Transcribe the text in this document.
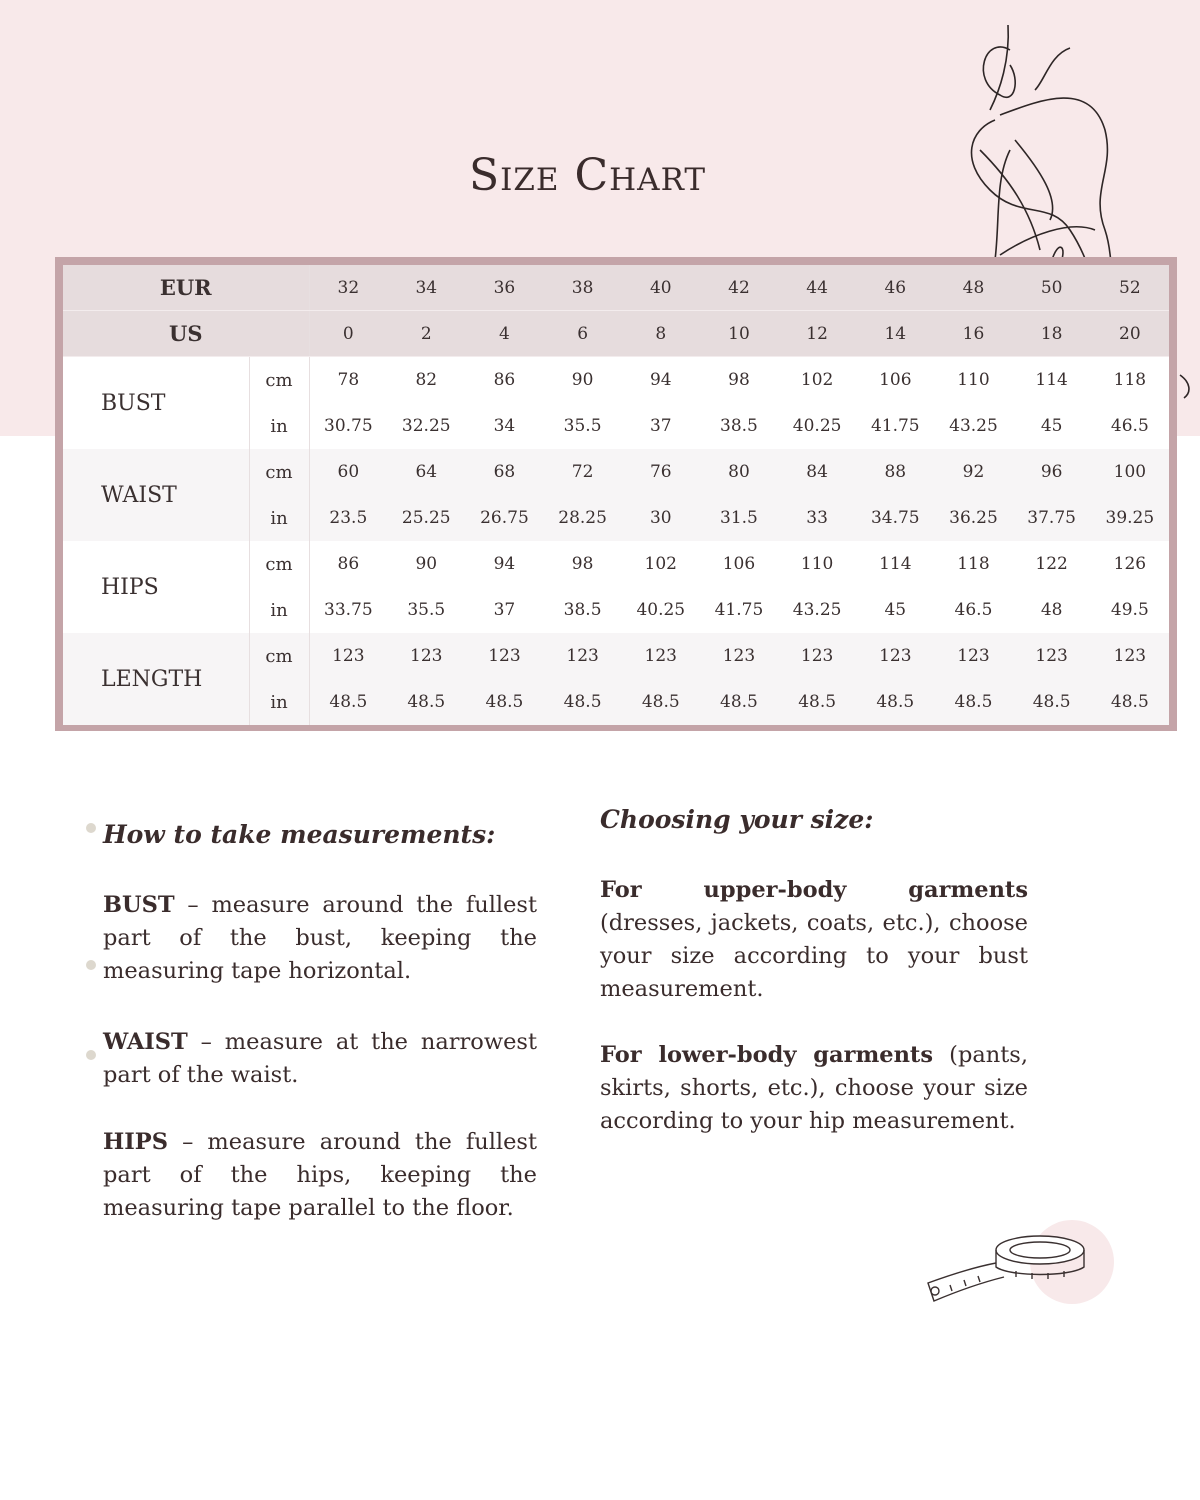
Size Chart
EUR		32	34	36	38	40	42	44	46	48	50	52
US		0	2	4	6	8	10	12	14	16	18	20
BUST	cm	78	82	86	90	94	98	102	106	110	114	118
	in	30.75	32.25	34	35.5	37	38.5	40.25	41.75	43.25	45	46.5
WAIST	cm	60	64	68	72	76	80	84	88	92	96	100
	in	23.5	25.25	26.75	28.25	30	31.5	33	34.75	36.25	37.75	39.25
HIPS	cm	86	90	94	98	102	106	110	114	118	122	126
	in	33.75	35.5	37	38.5	40.25	41.75	43.25	45	46.5	48	49.5
LENGTH	cm	123	123	123	123	123	123	123	123	123	123	123
	in	48.5	48.5	48.5	48.5	48.5	48.5	48.5	48.5	48.5	48.5	48.5
How to take measurements:

BUST – measure around the fullest part of the bust, keeping the measuring tape horizontal.

WAIST – measure at the narrowest part of the waist.

HIPS – measure around the fullest part of the hips, keeping the measuring tape parallel to the floor.

Choosing your size:

For upper-body garments (dresses, jackets, coats, etc.), choose your size according to your bust measurement.

For lower-body garments (pants, skirts, shorts, etc.), choose your size according to your hip measurement.
